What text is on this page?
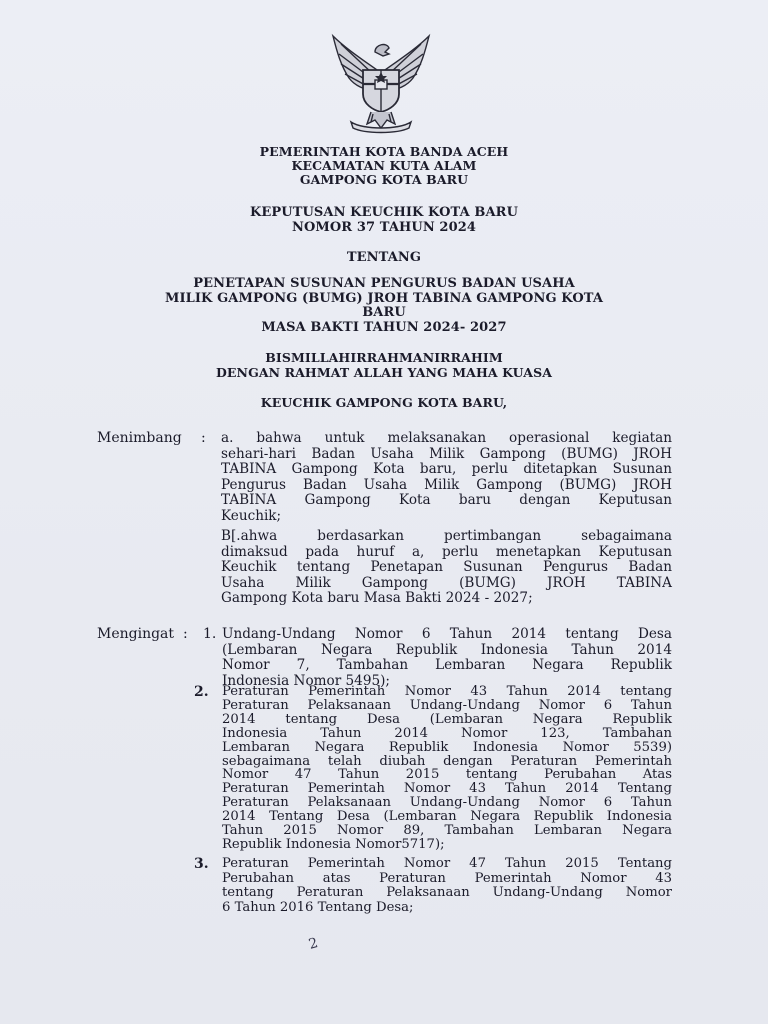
PEMERINTAH KOTA BANDA ACEH
KECAMATAN KUTA ALAM
GAMPONG KOTA BARU
KEPUTUSAN KEUCHIK KOTA BARU
NOMOR 37 TAHUN 2024
TENTANG
PENETAPAN SUSUNAN PENGURUS BADAN USAHA
MILIK GAMPONG (BUMG) JROH TABINA GAMPONG KOTA
BARU
MASA BAKTI TAHUN 2024- 2027
BISMILLAHIRRAHMANIRRAHIM
DENGAN RAHMAT ALLAH YANG MAHA KUASA
KEUCHIK GAMPONG KOTA BARU,
Menimbang : a. bahwa untuk melaksanakan operasional kegiatan
sehari-hari Badan Usaha Milik Gampong (BUMG) JROH
TABINA Gampong Kota baru, perlu ditetapkan Susunan
Pengurus Badan Usaha Milik Gampong (BUMG) JROH
TABINA Gampong Kota baru dengan Keputusan
Keuchik;
B[.ahwa berdasarkan pertimbangan sebagaimana
dimaksud pada huruf a, perlu menetapkan Keputusan
Keuchik tentang Penetapan Susunan Pengurus Badan
Usaha Milik Gampong (BUMG) JROH TABINA
Gampong Kota baru Masa Bakti 2024 - 2027;
Mengingat : 1. Undang-Undang Nomor 6 Tahun 2014 tentang Desa
(Lembaran Negara Republik Indonesia Tahun 2014
Nomor 7, Tambahan Lembaran Negara Republik
Indonesia Nomor 5495);
2. Peraturan Pemerintah Nomor 43 Tahun 2014 tentang
Peraturan Pelaksanaan Undang-Undang Nomor 6 Tahun
2014 tentang Desa (Lembaran Negara Republik
Indonesia Tahun 2014 Nomor 123, Tambahan
Lembaran Negara Republik Indonesia Nomor 5539)
sebagaimana telah diubah dengan Peraturan Pemerintah
Nomor 47 Tahun 2015 tentang Perubahan Atas
Peraturan Pemerintah Nomor 43 Tahun 2014 Tentang
Peraturan Pelaksanaan Undang-Undang Nomor 6 Tahun
2014 Tentang Desa (Lembaran Negara Republik Indonesia
Tahun 2015 Nomor 89, Tambahan Lembaran Negara
Republik Indonesia Nomor5717);
3. Peraturan Pemerintah Nomor 47 Tahun 2015 Tentang
Perubahan atas Peraturan Pemerintah Nomor 43
tentang Peraturan Pelaksanaan Undang-Undang Nomor
6 Tahun 2016 Tentang Desa;
2
